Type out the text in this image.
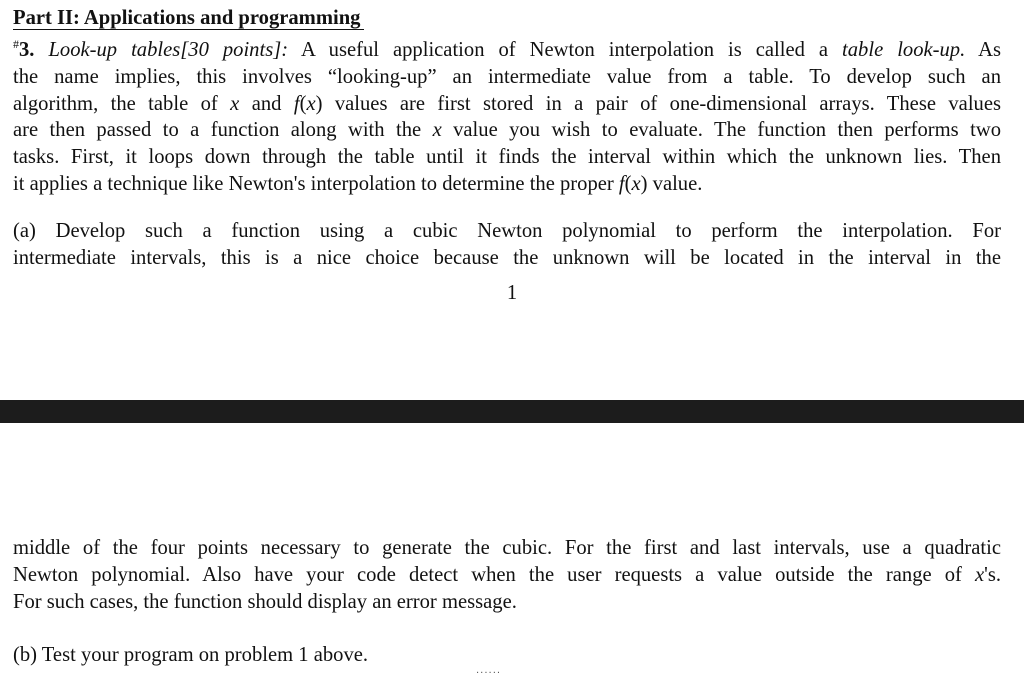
Part II: Applications and programming
#3. Look-up tables[30 points]: A useful application of Newton interpolation is called a table look-up. As
the name implies, this involves “looking-up” an intermediate value from a table. To develop such an
algorithm, the table of x and f(x) values are first stored in a pair of one-dimensional arrays. These values
are then passed to a function along with the x value you wish to evaluate. The function then performs two
tasks. First, it loops down through the table until it finds the interval within which the unknown lies. Then
it applies a technique like Newton's interpolation to determine the proper f(x) value.
(a) Develop such a function using a cubic Newton polynomial to perform the interpolation. For
intermediate intervals, this is a nice choice because the unknown will be located in the interval in the
1
middle of the four points necessary to generate the cubic. For the first and last intervals, use a quadratic
Newton polynomial. Also have your code detect when the user requests a value outside the range of x's.
For such cases, the function should display an error message.
(b) Test your program on problem 1 above.
······
